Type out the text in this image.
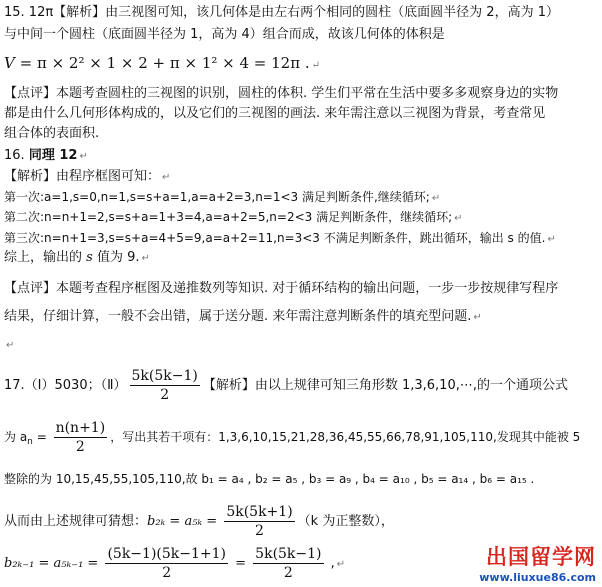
15. 12π【解析】由三视图可知，该几何体是由左右两个相同的圆柱（底面圆半径为 2，高为 1）
与中间一个圆柱（底面圆半径为 1，高为 4）组合而成，故该几何体的体积是
V = π × 2² × 1 × 2 + π × 1² × 4 = 12π . ↵
【点评】本题考查圆柱的三视图的识别，圆柱的体积. 学生们平常在生活中要多多观察身边的实物
都是由什么几何形体构成的，以及它们的三视图的画法. 来年需注意以三视图为背景，考查常见
组合体的表面积.
16. 同理 12 ↵
【解析】由程序框图可知： ↵
第一次:a=1,s=0,n=1,s=s+a=1,a=a+2=3,n=1<3 满足判断条件,继续循环; ↵
第二次:n=n+1=2,s=s+a=1+3=4,a=a+2=5,n=2<3 满足判断条件，继续循环; ↵
第三次:n=n+1=3,s=s+a=4+5=9,a=a+2=11,n=3<3 不满足判断条件，跳出循环，输出 s 的值. ↵
综上，输出的 s 值为 9. ↵
【点评】本题考查程序框图及递推数列等知识. 对于循环结构的输出问题，一步一步按规律写程序
结果，仔细计算，一般不会出错，属于送分题. 来年需注意判断条件的填充型问题. ↵
↵
17.（Ⅰ）5030；（Ⅱ） $\frac{5k(5k-1)}{2}$ 【解析】由以上规律可知三角形数 1,3,6,10,⋯,的一个通项公式
为 $a_n = \frac{n(n+1)}{2}$ ，写出其若干项有：1,3,6,10,15,21,28,36,45,55,66,78,91,105,110,发现其中能被 5
整除的为 10,15,45,55,105,110,故 b₁ = a₄ , b₂ = a₅ , b₃ = a₉ , b₄ = a₁₀ , b₅ = a₁₄ , b₆ = a₁₅ .
从而由上述规律可猜想：$b_{2k} = a_{5k} = \frac{5k(5k+1)}{2} (k$ 为正整数），
$b_{2k-1} = a_{5k-1} = \frac{(5k-1)(5k-1+1)}{2} = \frac{5k(5k-1)}{2}$ , ↵	出国留学网
www.liuxue86.com
